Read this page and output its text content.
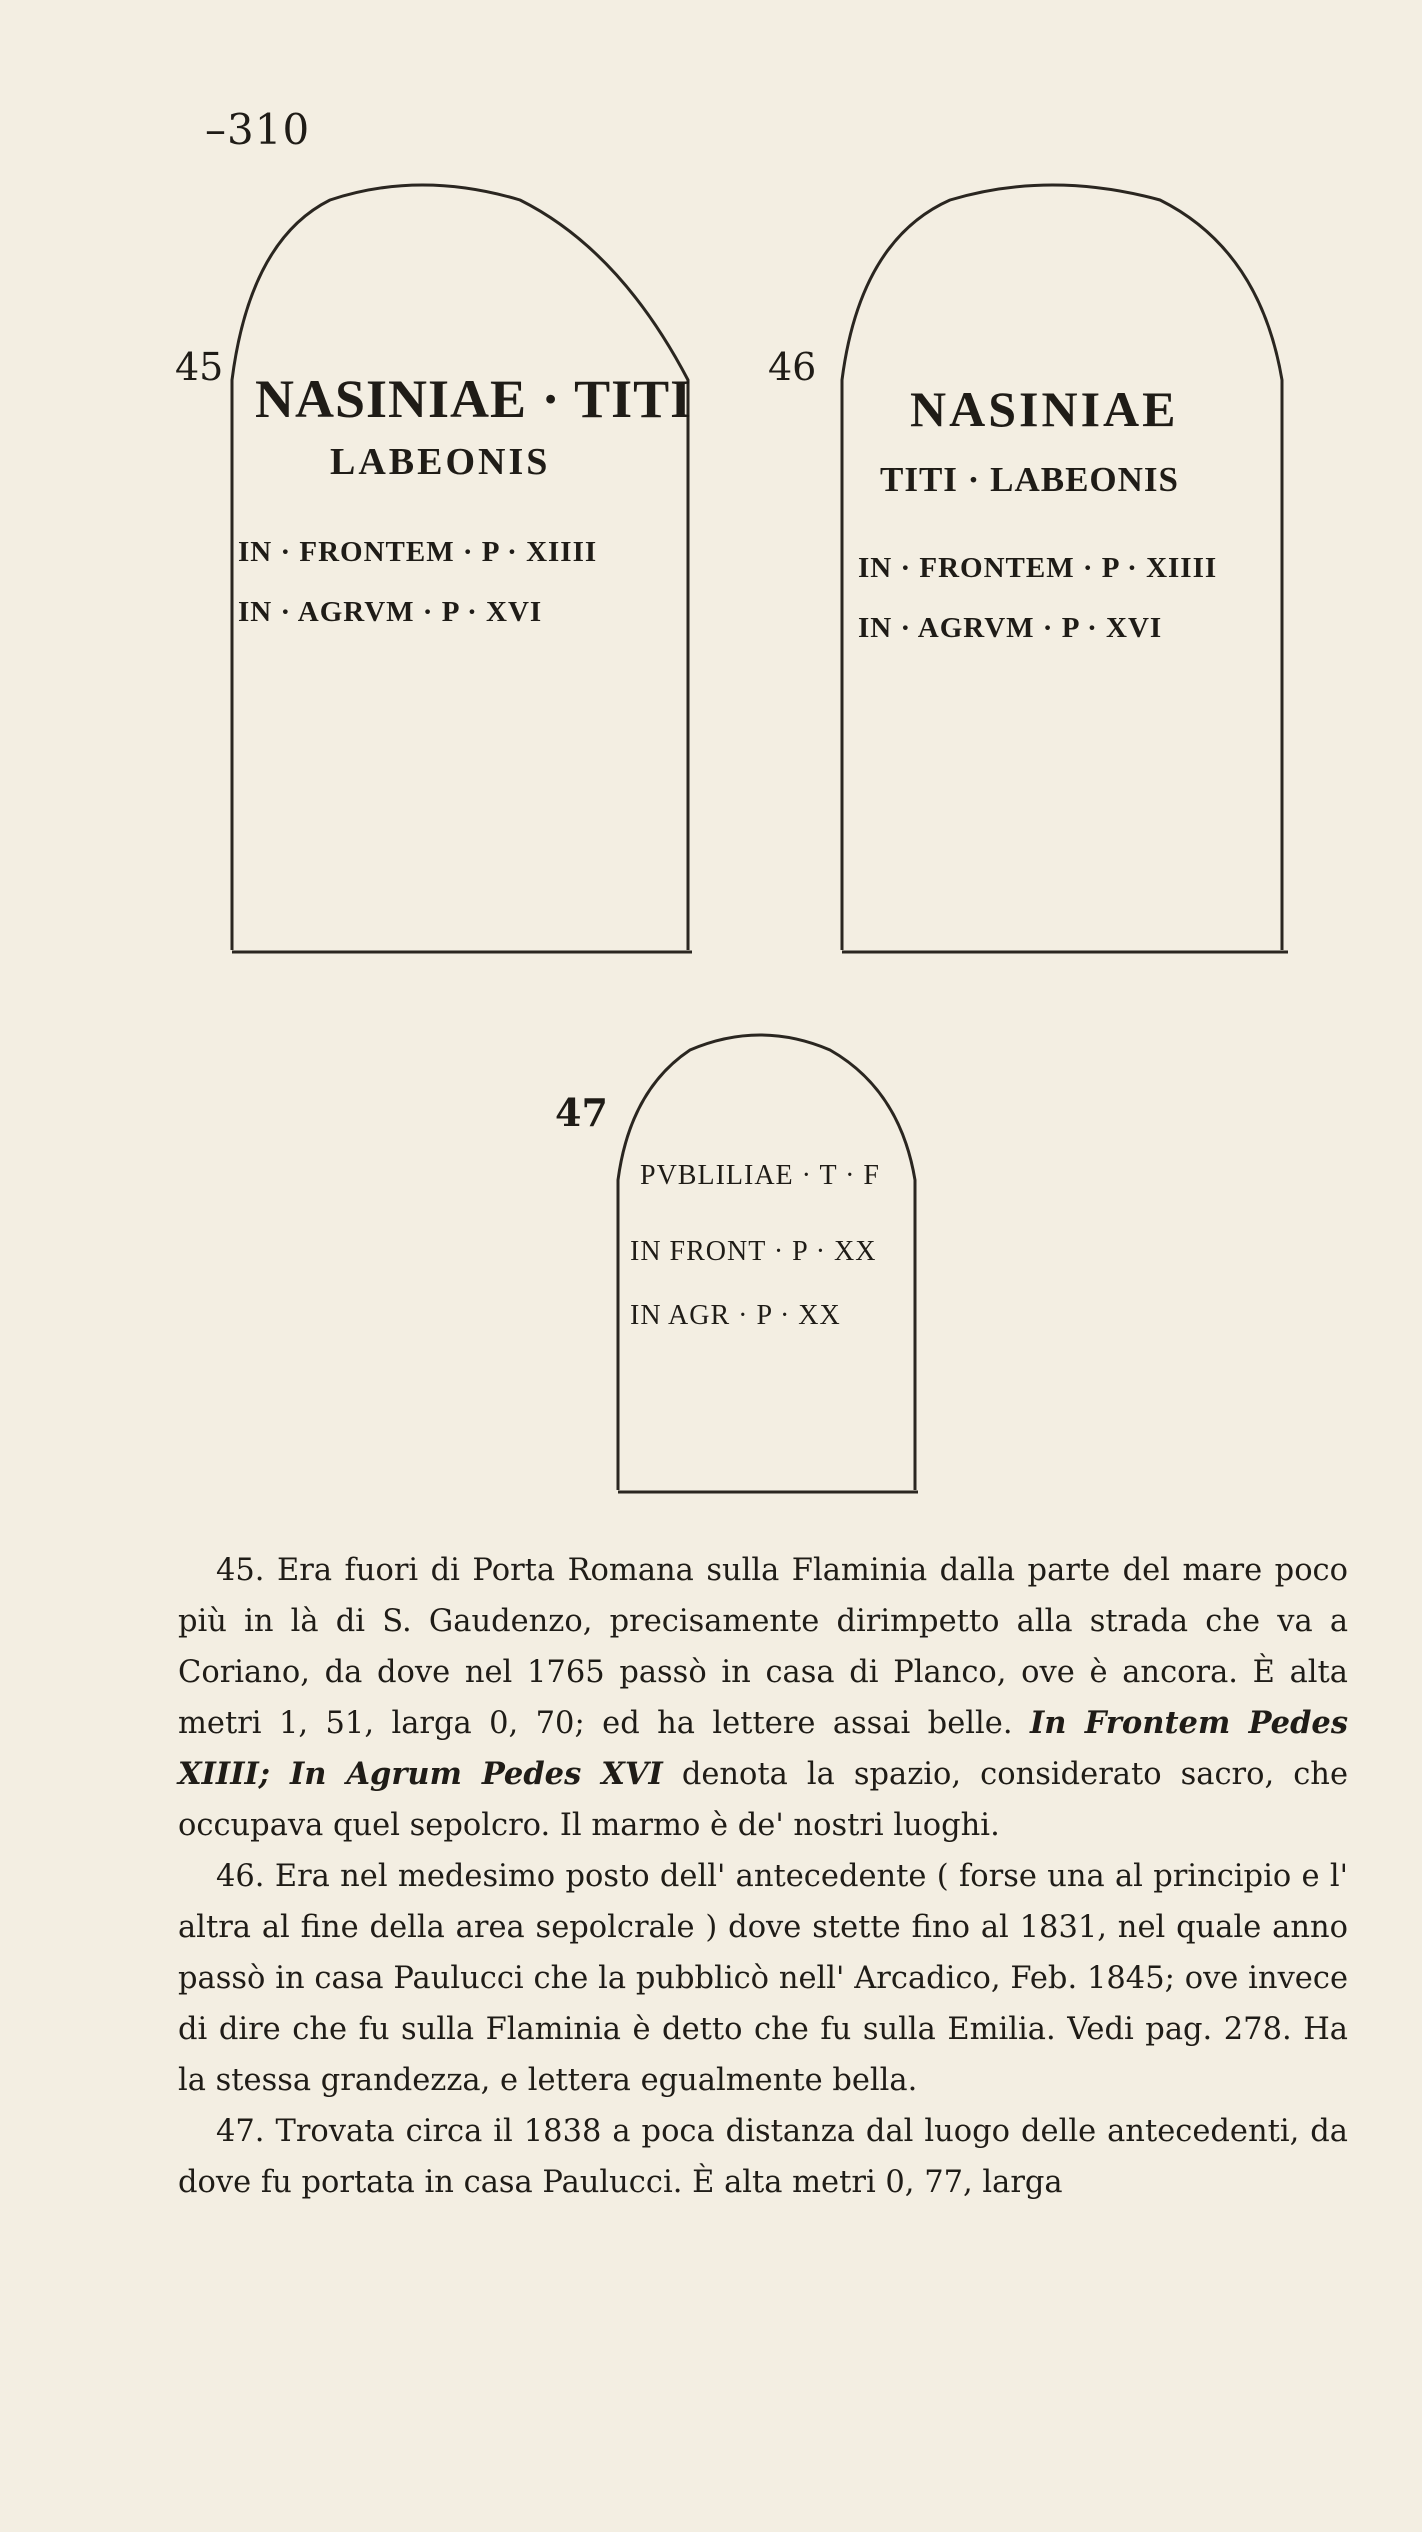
–310
45	46
47
NASINIAE · TITI
LABEONIS
IN · FRONTEM · P · XIIII
IN · AGRVM · P · XVI
NASINIAE
TITI · LABEONIS
IN · FRONTEM · P · XIIII
IN · AGRVM · P · XVI
PVBLILIAE · T · F
IN FRONT · P · XX
IN AGR · P · XX

45. Era fuori di Porta Romana sulla Flaminia dalla parte del mare poco più in là di S. Gaudenzo, precisamente dirimpetto alla strada che va a Coriano, da dove nel 1765 passò in casa di Planco, ove è ancora. È alta metri 1, 51, larga 0, 70; ed ha lettere assai belle. In Frontem Pedes XIIII; In Agrum Pedes XVI denota la spazio, considerato sacro, che occupava quel sepolcro. Il marmo è de' nostri luoghi.

46. Era nel medesimo posto dell' antecedente ( forse una al principio e l' altra al fine della area sepolcrale ) dove stette fino al 1831, nel quale anno passò in casa Paulucci che la pubblicò nell' Arcadico, Feb. 1845; ove invece di dire che fu sulla Flaminia è detto che fu sulla Emilia. Vedi pag. 278. Ha la stessa grandezza, e lettera egualmente bella.

47. Trovata circa il 1838 a poca distanza dal luogo delle antecedenti, da dove fu portata in casa Paulucci. È alta metri 0, 77, larga
